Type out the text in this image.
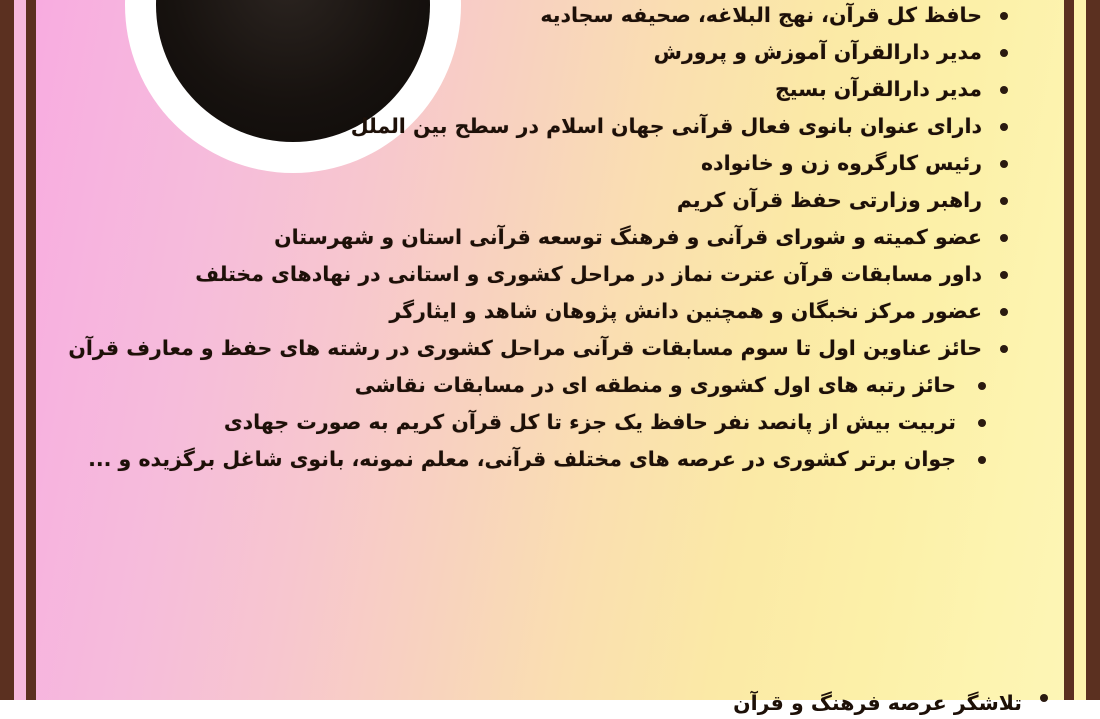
حافظ کل قرآن، نهج البلاغه، صحیفه سجادیه
مدیر دارالقرآن آموزش و پرورش
مدیر دارالقرآن بسیج
دارای عنوان بانوی فعال قرآنی جهان اسلام در سطح بین الملل
رئیس کارگروه زن و خانواده
راهبر وزارتی حفظ قرآن کریم
عضو کمیته و شورای قرآنی و فرهنگ توسعه قرآنی استان و شهرستان
داور مسابقات قرآن عترت نماز در مراحل کشوری و استانی در نهادهای مختلف
عضور مرکز نخبگان و همچنین دانش پژوهان شاهد و ایثارگر
حائز عناوین اول تا سوم مسابقات قرآنی مراحل کشوری در رشته های حفظ و معارف قرآن
حائز رتبه های اول کشوری و منطقه ای در مسابقات نقاشی
تربیت بیش از پانصد نفر حافظ یک جزء تا کل قرآن کریم به صورت جهادی
جوان برتر کشوری در عرصه های مختلف قرآنی، معلم نمونه، بانوی شاغل برگزیده و ...
تلاشگر عرصه فرهنگ و قرآن
